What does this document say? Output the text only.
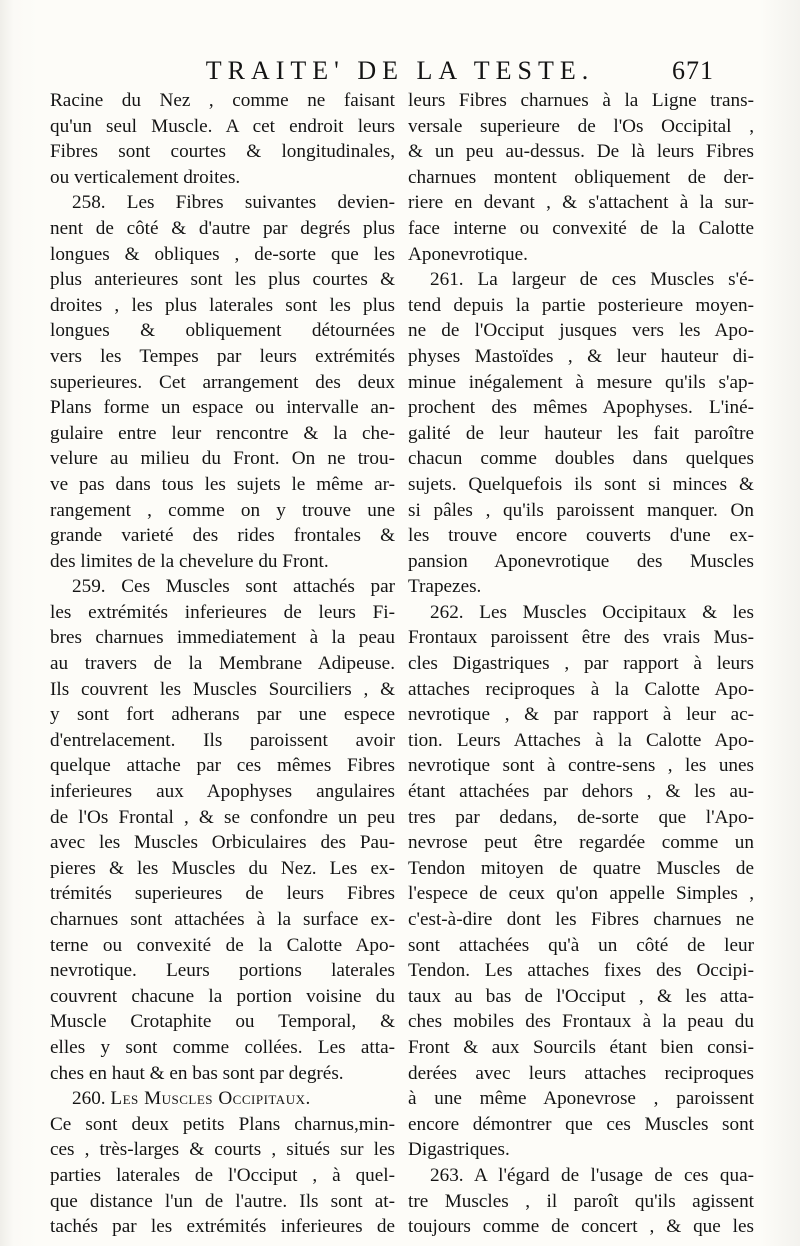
TRAITE' DE LA TESTE.	671
Racine du Nez , comme ne faisant
qu'un seul Muscle. A cet endroit leurs
Fibres sont courtes & longitudinales,
ou verticalement droites.
258. Les Fibres suivantes devien-
nent de côté & d'autre par degrés plus
longues & obliques , de-sorte que les
plus anterieures sont les plus courtes &
droites , les plus laterales sont les plus
longues & obliquement détournées
vers les Tempes par leurs extrémités
superieures. Cet arrangement des deux
Plans forme un espace ou intervalle an-
gulaire entre leur rencontre & la che-
velure au milieu du Front. On ne trou-
ve pas dans tous les sujets le même ar-
rangement , comme on y trouve une
grande varieté des rides frontales &
des limites de la chevelure du Front.
259. Ces Muscles sont attachés par
les extrémités inferieures de leurs Fi-
bres charnues immediatement à la peau
au travers de la Membrane Adipeuse.
Ils couvrent les Muscles Sourciliers , &
y sont fort adherans par une espece
d'entrelacement. Ils paroissent avoir
quelque attache par ces mêmes Fibres
inferieures aux Apophyses angulaires
de l'Os Frontal , & se confondre un peu
avec les Muscles Orbiculaires des Pau-
pieres & les Muscles du Nez. Les ex-
trémités superieures de leurs Fibres
charnues sont attachées à la surface ex-
terne ou convexité de la Calotte Apo-
nevrotique. Leurs portions laterales
couvrent chacune la portion voisine du
Muscle Crotaphite ou Temporal, &
elles y sont comme collées. Les atta-
ches en haut & en bas sont par degrés.
260. Les Muscles Occipitaux.
Ce sont deux petits Plans charnus,min-
ces , très-larges & courts , situés sur les
parties laterales de l'Occiput , à quel-
que distance l'un de l'autre. Ils sont at-
tachés par les extrémités inferieures de
leurs Fibres charnues à la Ligne trans-
versale superieure de l'Os Occipital ,
& un peu au-dessus. De là leurs Fibres
charnues montent obliquement de der-
riere en devant , & s'attachent à la sur-
face interne ou convexité de la Calotte
Aponevrotique.
261. La largeur de ces Muscles s'é-
tend depuis la partie posterieure moyen-
ne de l'Occiput jusques vers les Apo-
physes Mastoïdes , & leur hauteur di-
minue inégalement à mesure qu'ils s'ap-
prochent des mêmes Apophyses. L'iné-
galité de leur hauteur les fait paroître
chacun comme doubles dans quelques
sujets. Quelquefois ils sont si minces &
si pâles , qu'ils paroissent manquer. On
les trouve encore couverts d'une ex-
pansion Aponevrotique des Muscles
Trapezes.
262. Les Muscles Occipitaux & les
Frontaux paroissent être des vrais Mus-
cles Digastriques , par rapport à leurs
attaches reciproques à la Calotte Apo-
nevrotique , & par rapport à leur ac-
tion. Leurs Attaches à la Calotte Apo-
nevrotique sont à contre-sens , les unes
étant attachées par dehors , & les au-
tres par dedans, de-sorte que l'Apo-
nevrose peut être regardée comme un
Tendon mitoyen de quatre Muscles de
l'espece de ceux qu'on appelle Simples ,
c'est-à-dire dont les Fibres charnues ne
sont attachées qu'à un côté de leur
Tendon. Les attaches fixes des Occipi-
taux au bas de l'Occiput , & les atta-
ches mobiles des Frontaux à la peau du
Front & aux Sourcils étant bien consi-
derées avec leurs attaches reciproques
à une même Aponevrose , paroissent
encore démontrer que ces Muscles sont
Digastriques.
263. A l'égard de l'usage de ces qua-
tre Muscles , il paroît qu'ils agissent
toujours comme de concert , & que les
